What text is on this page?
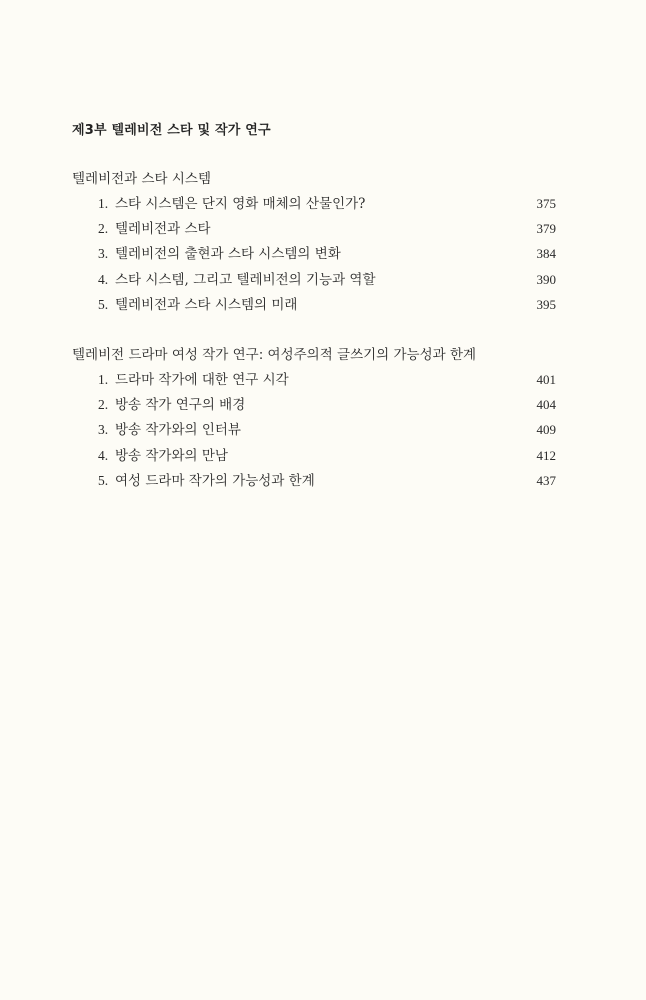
제3부 텔레비전 스타 및 작가 연구
텔레비전과 스타 시스템
1. 스타 시스템은 단지 영화 매체의 산물인가?	375
2. 텔레비전과 스타	379
3. 텔레비전의 출현과 스타 시스템의 변화	384
4. 스타 시스템, 그리고 텔레비전의 기능과 역할	390
5. 텔레비전과 스타 시스템의 미래	395
텔레비전 드라마 여성 작가 연구: 여성주의적 글쓰기의 가능성과 한계
1. 드라마 작가에 대한 연구 시각	401
2. 방송 작가 연구의 배경	404
3. 방송 작가와의 인터뷰	409
4. 방송 작가와의 만남	412
5. 여성 드라마 작가의 가능성과 한계	437
